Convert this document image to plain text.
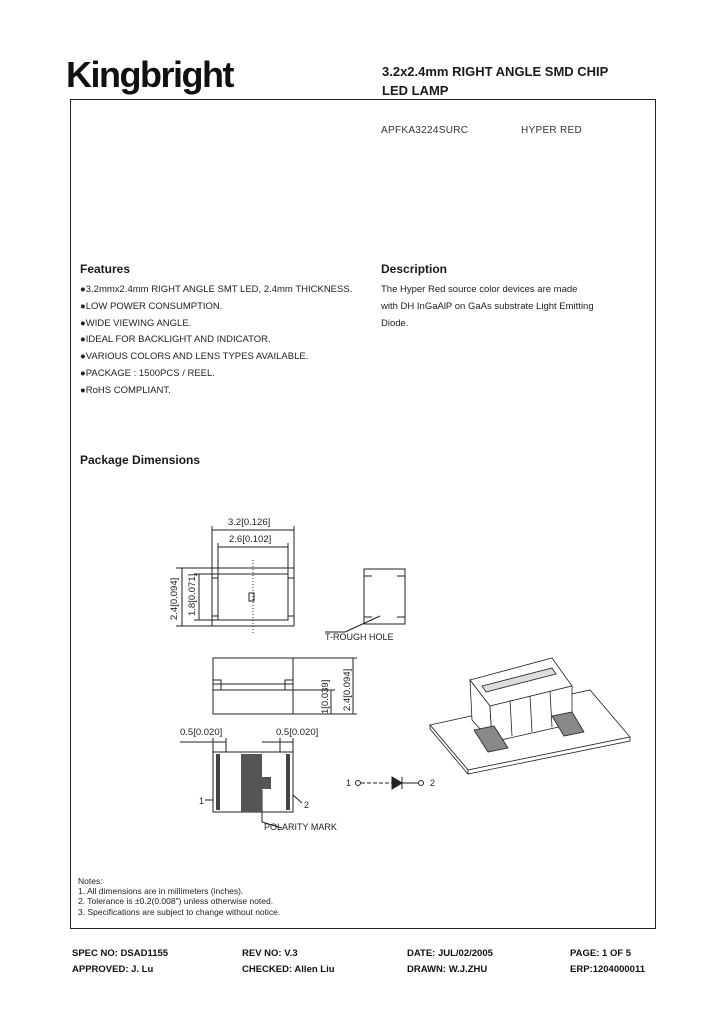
Kingbright	3.2x2.4mm RIGHT ANGLE SMD CHIP
LED LAMP
APFKA3224SURC	HYPER RED
Features
●3.2mmx2.4mm RIGHT ANGLE SMT LED, 2.4mm THICKNESS.
●LOW POWER CONSUMPTION.
●WIDE VIEWING ANGLE.
●IDEAL FOR BACKLIGHT AND INDICATOR.
●VARIOUS COLORS AND LENS TYPES AVAILABLE.
●PACKAGE : 1500PCS / REEL.
●RoHS COMPLIANT.
Description
The Hyper Red source color devices are made
with DH InGaAlP on GaAs substrate Light Emitting
Diode.
Package Dimensions
3.2[0.126]
2.6[0.102]
2.4[0.094] 1.8[0.071]
T-ROUGH HOLE
1[0.039] 2.4[0.094]
0.5[0.020]	0.5[0.020]
1	2
POLARITY MARK
1	2
Notes:
1. All dimensions are in millimeters (inches).
2. Tolerance is ±0.2(0.008") unless otherwise noted.
3. Specifications are subject to change without notice.
SPEC NO: DSAD1155	REV NO: V.3	DATE: JUL/02/2005	PAGE: 1 OF 5
APPROVED: J. Lu	CHECKED: Allen Liu	DRAWN: W.J.ZHU	ERP:1204000011
